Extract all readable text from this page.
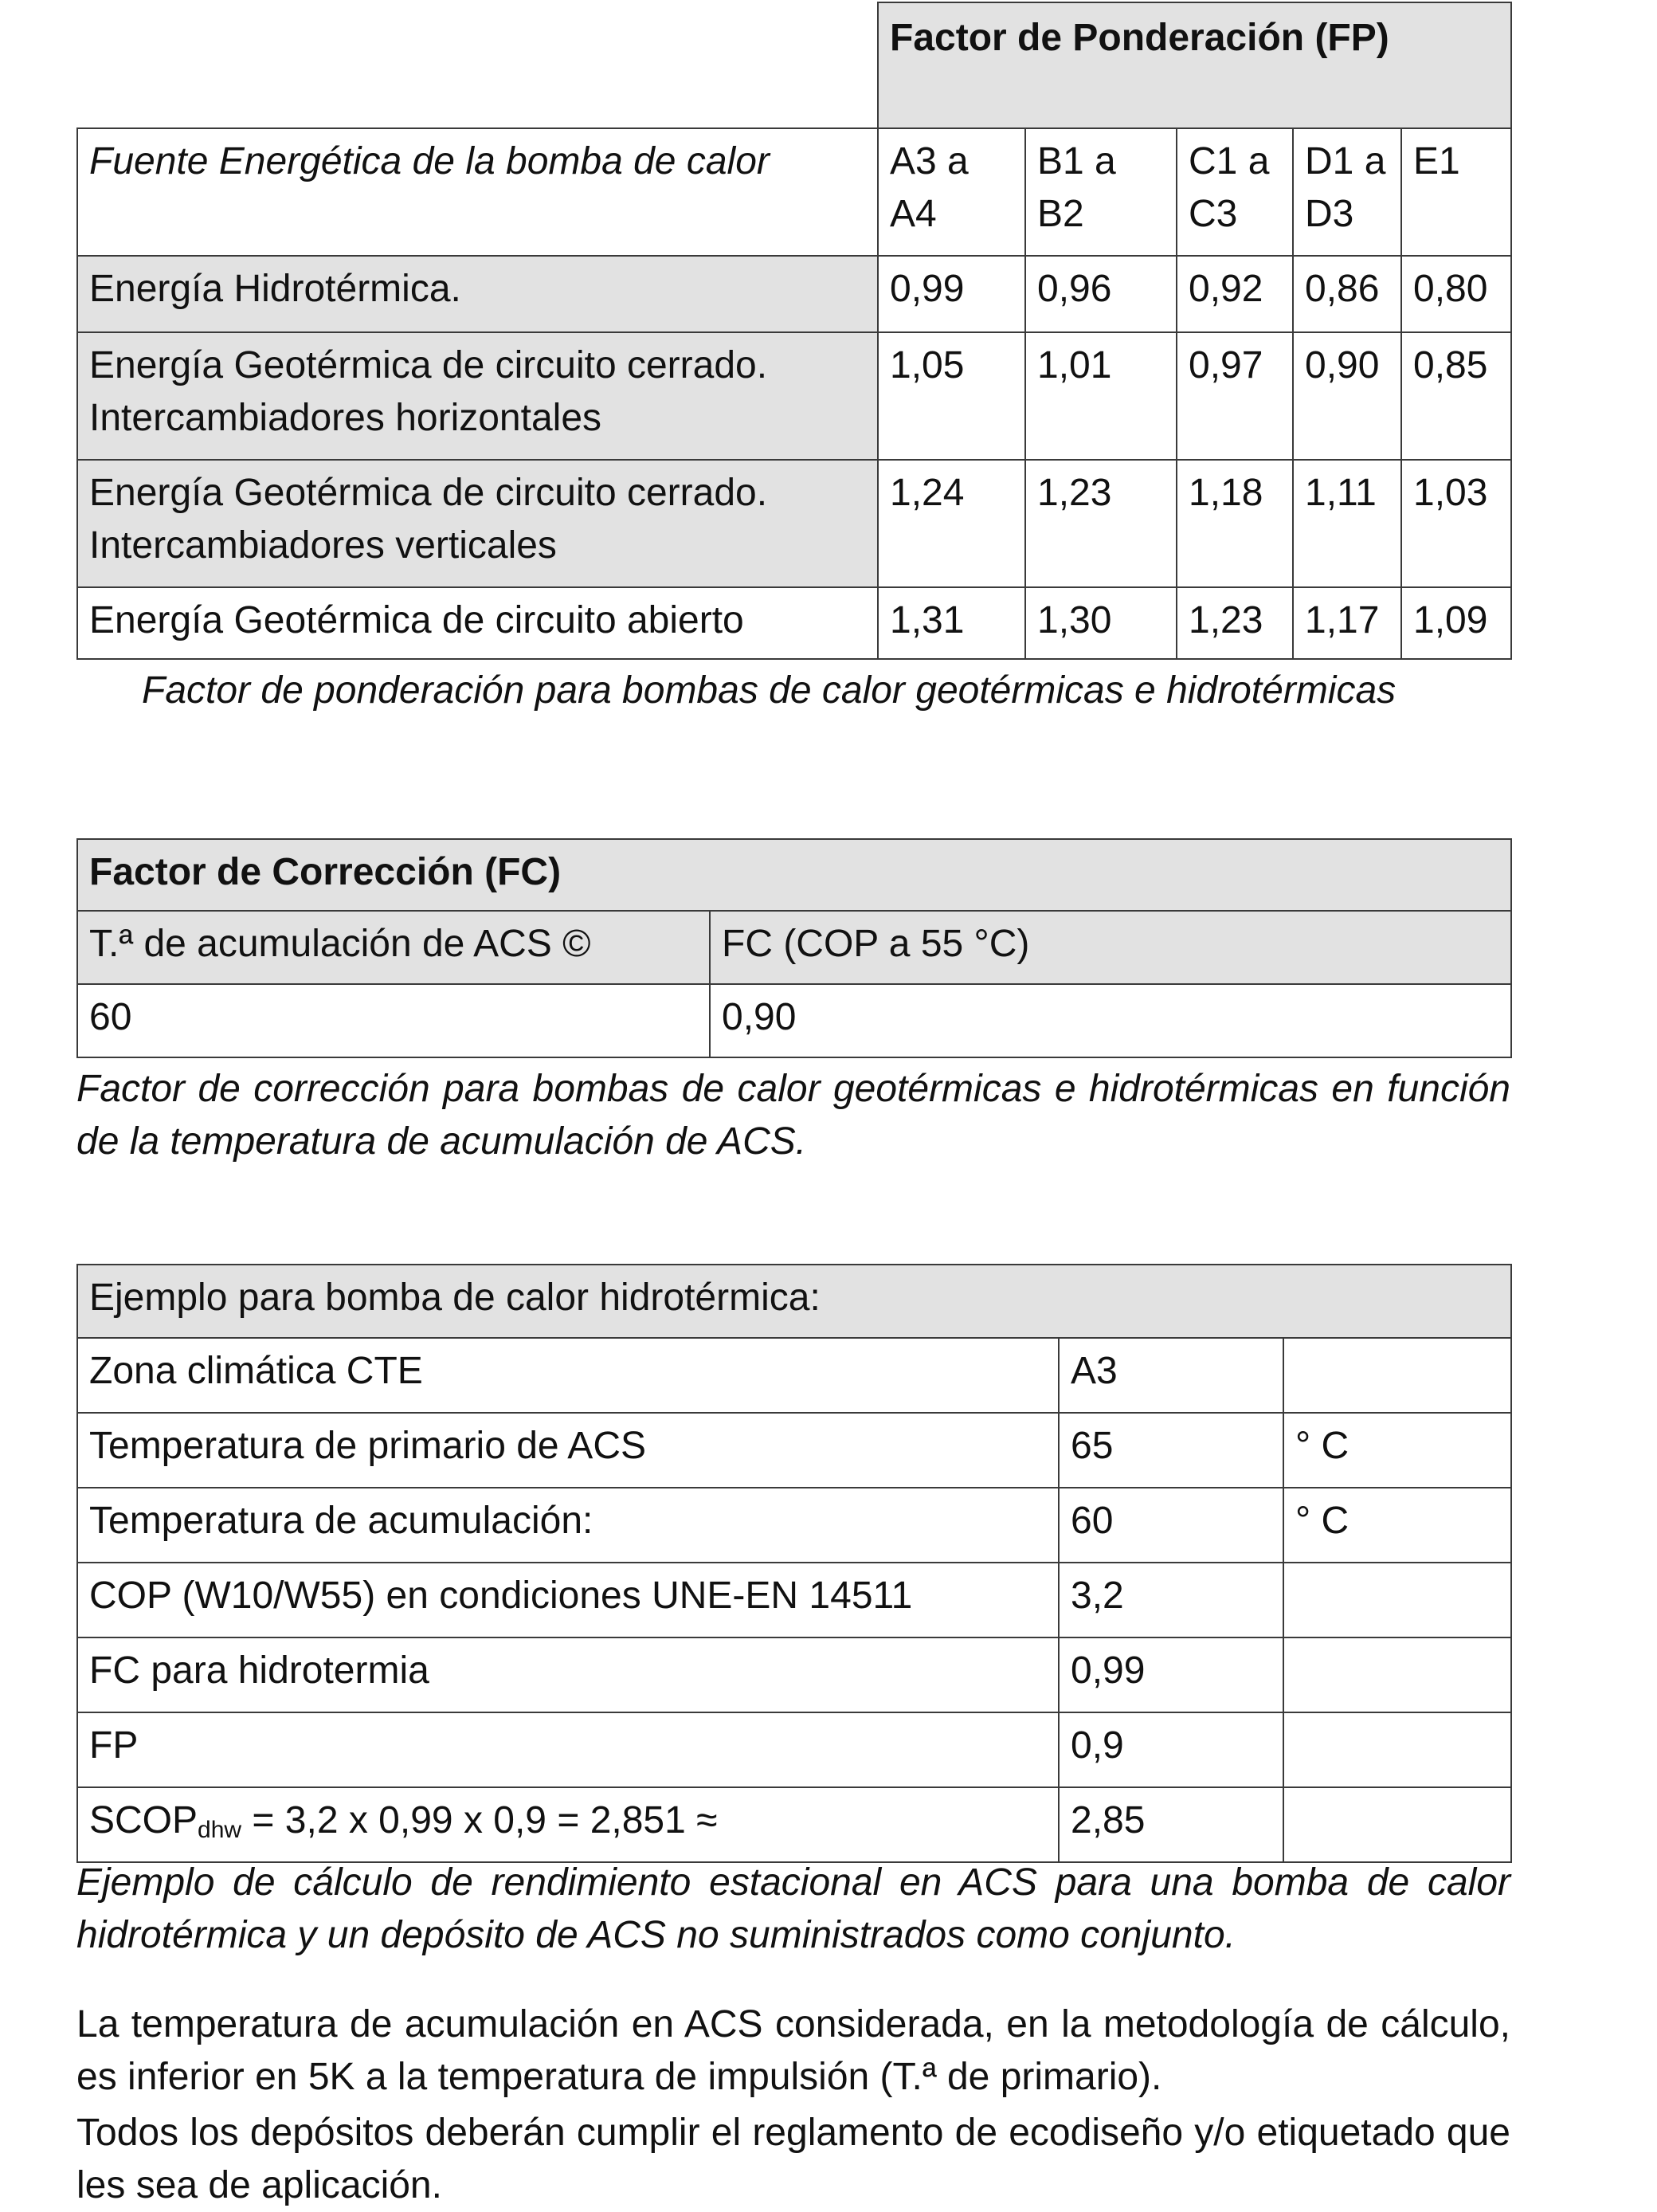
	Factor de Ponderación (FP)				
Fuente Energética de la bomba de calor	A3 a A4	B1 a B2	C1 a C3	D1 a D3	E1
Energía Hidrotérmica.	0,99	0,96	0,92	0,86	0,80
Energía Geotérmica de circuito cerrado. Intercambiadores horizontales	1,05	1,01	0,97	0,90	0,85
Energía Geotérmica de circuito cerrado. Intercambiadores verticales	1,24	1,23	1,18	1,11	1,03
Energía Geotérmica de circuito abierto	1,31	1,30	1,23	1,17	1,09
Factor de ponderación para bombas de calor geotérmicas e hidrotérmicas
Factor de Corrección (FC)	
T.ª de acumulación de ACS ©	FC (COP a 55 °C)
60	0,90
Factor de corrección para bombas de calor geotérmicas e hidrotérmicas en función de la temperatura de acumulación de ACS.
Ejemplo para bomba de calor hidrotérmica:		
Zona climática CTE	A3	
Temperatura de primario de ACS	65	° C
Temperatura de acumulación:	60	° C
COP (W10/W55) en condiciones UNE-EN 14511	3,2	
FC para hidrotermia	0,99	
FP	0,9	
$SCOP_{dhw} = 3,2$ x 0,99 x 0,9 = 2,851 ≈	2,85	
Ejemplo de cálculo de rendimiento estacional en ACS para una bomba de calor hidrotérmica y un depósito de ACS no suministrados como conjunto.
La temperatura de acumulación en ACS considerada, en la metodología de cálculo, es inferior en 5K a la temperatura de impulsión (T.ª de primario).
Todos los depósitos deberán cumplir el reglamento de ecodiseño y/o etiquetado que les sea de aplicación.
